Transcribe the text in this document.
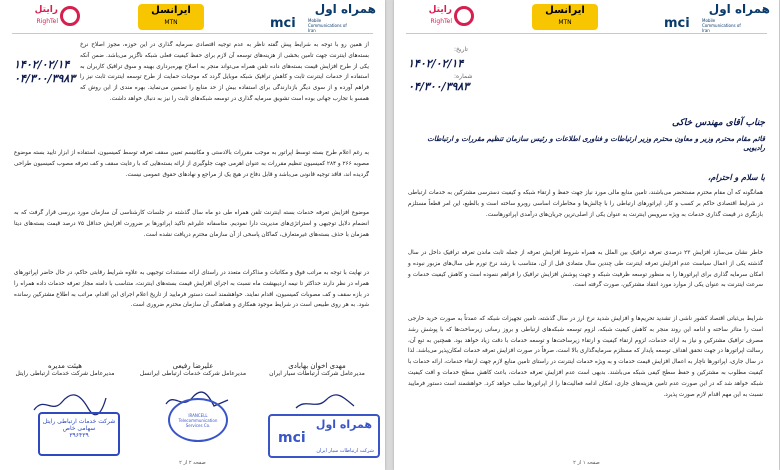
رایتل
RighTel
ایرانسل
MTN
همراه اول
mci	Mobile Communications of Iran
۱۴۰۲/۰۲/۱۴
۰۴/۳۰۰/۳۹۸۳
از همین رو با توجه به شرایط پیش گفته ناظر به عدم توجیه اقتصادی سرمایه گذاری در این حوزه، مجوز اصلاح نرخ بسته‌های اینترنت جهت تامین بخشی از هزینه‌های توسعه آن لازم برای حفظ کیفیت فعلی شبکه ناگزیر می‌باشد. ضمن آنکه یکی از طرح افزایش قیمت بسته‌های داده تلفن همراه می‌تواند منجر به اصلاح بهره‌برداری بهینه و سوق ترافیک کاربران به استفاده از خدمات اینترنت ثابت و کاهش ترافیک شبکه موبایل گردد که موجبات حمایت از طرح توسعه اینترنت ثابت نیز را فراهم آورده و از سوی دیگر بازدارندگی برای استفاده بیش از حد منابع را تضمین می‌نماید. بهره مندی از این روش که همسو با تجارب جهانی بوده است تشویق سرمایه گذاری در توسعه شبکه‌های ثابت را نیز به دنبال خواهد داشت.
به رغم اعلام طرح بسته توسط اپراتور به موجب مقررات بالادستی و مکانیسم تعیین سقف تعرفه توسط کمیسیون، استفاده از ابزار تایید بسته موضوع مصوبه ۲۶۶ و ۲۸۴ کمیسیون تنظیم مقررات به عنوان اهرمی جهت جلوگیری از ارائه بسته‌هایی که با رعایت سقف و کف تعرفه مصوب کمیسیون طراحی گردیده اند، فاقد توجیه قانونی می‌باشد و قابل دفاع در هیچ یک از مراجع و نهادهای حقوق عمومی نیست.
موضوع افزایش تعرفه خدمات بسته اینترنت تلفن همراه طی دو ماه سال گذشته در جلسات کارشناسی آن سازمان مورد بررسی قرار گرفت که به انضمام دلایل توجیهی و استراتژی‌های مدیریت دارا نمودیم. متاسفانه علیرغم تاکید اپراتورها بر ضرورت افزایش حداقل ۷۵ درصد قیمت بسته‌های دیتا همزمان با حذف بسته‌های غیرمتعارف، کماکان پاسخی از آن سازمان محترم دریافت نشده است.
در نهایت با توجه به مراتب فوق و مکاتبات و مذاکرات متعدد در راستای ارائه مستندات توجیهی به علاوه شرایط رقابتی حاکم، در حال حاضر اپراتورهای همراه در نظر دارند حداکثر تا نیمه اردیبهشت ماه نسبت به اجرای افزایش قیمت بسته‌های اینترنت، متناسب با دامنه مجاز تعرفه خدمات داده همراه را در بازه سقف و کف مصوبات کمیسیون، اقدام نمایند. خواهشمند است دستور فرمایید از تاریخ اعلام اجرای این اقدام، مراتب به اطلاع مشترکین رسانده شود. به هر روی طبیعی است در شرایط موجود همکاری و هماهنگی آن سازمان محترم ضروری است.
هیئت مدیره
مدیرعامل شرکت خدمات ارتباطی رایتل
علیرضا رفیعی
مدیرعامل شرکت خدمات ارتباطی ایرانسل
مهدی اخوان بهابادی
مدیرعامل شرکت ارتباطات سیار ایران
شرکت خدمات ارتباطی رایتل
سهامی خاص
۳۹۶۴۳۹
IRANCELL Telecommunication Services Co.	همراه اول
mci
شرکت ارتباطات سیار ایران
صفحه ۲ از ۲
رایتل
RighTel
ایرانسل
MTN
همراه اول
mci	Mobile Communications of Iran
تاریخ:
۱۴۰۲/۰۲/۱۴
شماره:
۰۴/۳۰۰/۳۹۸۳
جناب آقای مهندس خاکی
قائم مقام محترم وزیر و معاون محترم وزیر ارتباطات و فناوری اطلاعات و رئیس سازمان تنظیم مقررات و ارتباطات رادیویی
با سلام و احترام،
همانگونه که آن مقام محترم مستحضر می‌باشند، تامین منابع مالی مورد نیاز جهت حفظ و ارتقاء شبکه و کیفیت دسترسی مشترکین به خدمات ارتباطی در شرایط اقتصادی حاکم بر کسب و کار، اپراتورهای ارتباطی را با چالش‌ها و مخاطرات اساسی روبرو ساخته است و بالطبع، این امر قطعاً مستلزم بازنگری در قیمت گذاری خدمات به ویژه سرویس اینترنت به عنوان یکی از اصلی‌ترین جریان‌های درآمدی اپراتورهاست.
خاطر نشان می‌سازد افزایش ۲۳ درصدی تعرفه ترافیک بین الملل به همراه شروط افزایش تعرفه از جمله ثابت ماندن تعرفه ترافیک داخل در سال گذشته یکی از اعمال سیاست عدم افزایش تعرفه اینترنت طی چندین سال متمادی قبل از آن، متناسب با رشد نرخ تورم طی سال‌های مزبور نبوده و امکان سرمایه گذاری برای اپراتورها را به منظور توسعه ظرفیت شبکه و جهت پوشش افزایش ترافیک را فراهم ننموده است و کاهش کیفیت خدمات و سرعت اینترنت به عنوان یکی از موارد مورد انتقاد مشترکین، صورت گرفته است.
شرایط بی‌ثباتی اقتصاد کشور ناشی از تشدید تحریم‌ها و افزایش شدید نرخ ارز در سال گذشته، تامین تجهیزات شبکه که عمدتاً به صورت خرید خارجی است را متاثر ساخته و ادامه این روند منجر به کاهش کیفیت شبکه، لزوم توسعه شبکه‌های ارتباطی و بروز رسانی زیرساخت‌ها که با پوشش رشد مصرف ترافیک مشترکین و نیاز به ارائه خدمات، لزوم ارتقاء کیفیت و ارتقاء زیرساخت‌ها و توسعه خدمات با دقت زیاد خواهد بود. همچنین به تبع آن، رسالت اپراتورها در جهت تحقق اهداف توسعه پایدار که مستلزم سرمایه‌گذاری بالا است، صرفاً در صورت افزایش تعرفه خدمات امکان‌پذیر می‌باشد. لذا در سال جاری، اپراتورها ناچار به اعمال افزایش قیمت خدمات و به ویژه خدمات اینترنت در راستای تامین منابع لازم جهت ارتقاء خدمات، ارائه خدمات با کیفیت مطلوب به مشترکین و حفظ سطح کیفی شبکه می‌باشند. بدیهی است عدم افزایش تعرفه خدمات، باعث کاهش سطح خدمات و افت کیفیت شبکه خواهد شد که در این صورت عدم تامین هزینه‌های جاری، امکان ادامه فعالیت‌ها را از اپراتورها سلب خواهد کرد. خواهشمند است دستور فرمایید نسبت به این مهم اقدام لازم صورت پذیرد.
صفحه ۱ از ۲
